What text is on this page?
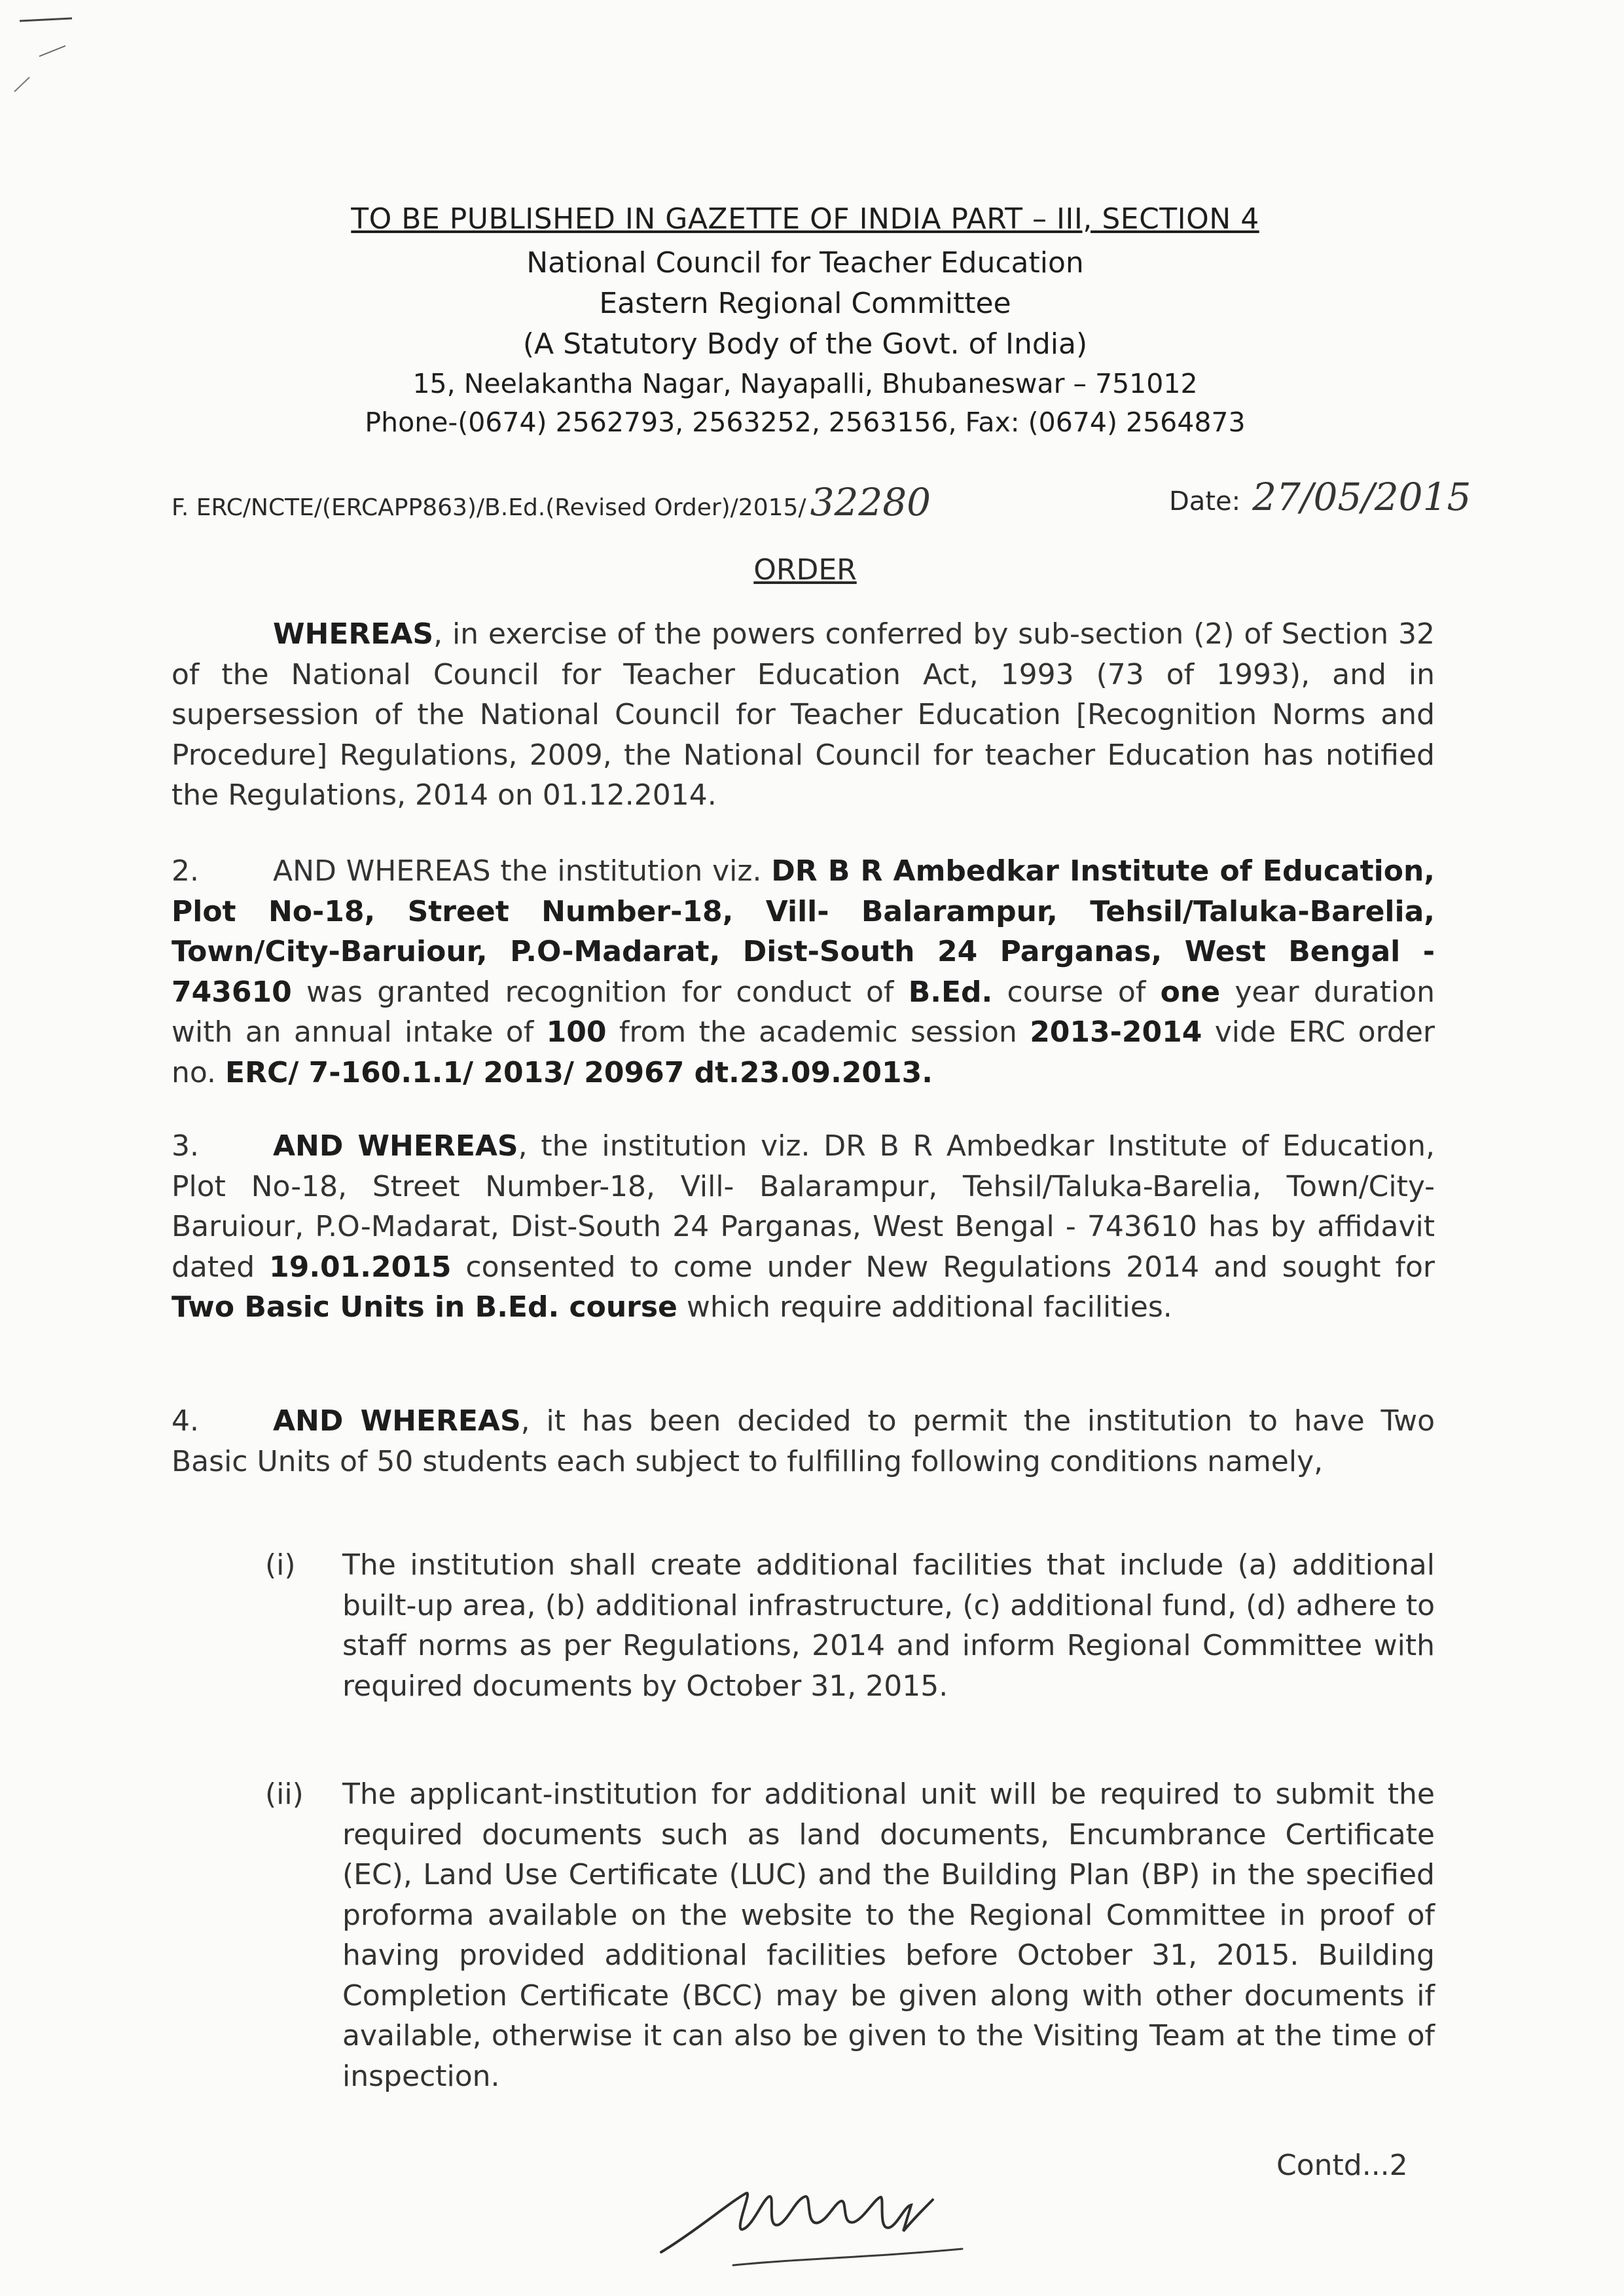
TO BE PUBLISHED IN GAZETTE OF INDIA PART – III, SECTION 4
National Council for Teacher Education
Eastern Regional Committee
(A Statutory Body of the Govt. of India)
15, Neelakantha Nagar, Nayapalli, Bhubaneswar – 751012
Phone-(0674) 2562793, 2563252, 2563156, Fax: (0674) 2564873
F. ERC/NCTE/(ERCAPP863)/B.Ed.(Revised Order)/2015/ 32280	Date: 27/05/2015
ORDER
WHEREAS, in exercise of the powers conferred by sub-section (2) of Section 32 of the National Council for Teacher Education Act, 1993 (73 of 1993), and in supersession of the National Council for Teacher Education [Recognition Norms and Procedure] Regulations, 2009, the National Council for teacher Education has notified the Regulations, 2014 on 01.12.2014.
2.	AND WHEREAS the institution viz. DR B R Ambedkar Institute of Education, Plot No-18, Street Number-18, Vill- Balarampur, Tehsil/Taluka-Barelia, Town/City-Baruiour, P.O-Madarat, Dist-South 24 Parganas, West Bengal - 743610 was granted recognition for conduct of B.Ed. course of one year duration with an annual intake of 100 from the academic session 2013-2014 vide ERC order no. ERC/ 7-160.1.1/ 2013/ 20967 dt.23.09.2013.
3.	AND WHEREAS, the institution viz. DR B R Ambedkar Institute of Education, Plot No-18, Street Number-18, Vill- Balarampur, Tehsil/Taluka-Barelia, Town/City-Baruiour, P.O-Madarat, Dist-South 24 Parganas, West Bengal - 743610 has by affidavit dated 19.01.2015 consented to come under New Regulations 2014 and sought for Two Basic Units in B.Ed. course which require additional facilities.
4.	AND WHEREAS, it has been decided to permit the institution to have Two Basic Units of 50 students each subject to fulfilling following conditions namely,
(i)	The institution shall create additional facilities that include (a) additional built-up area, (b) additional infrastructure, (c) additional fund, (d) adhere to staff norms as per Regulations, 2014 and inform Regional Committee with required documents by October 31, 2015.
(ii)	The applicant-institution for additional unit will be required to submit the required documents such as land documents, Encumbrance Certificate (EC), Land Use Certificate (LUC) and the Building Plan (BP) in the specified proforma available on the website to the Regional Committee in proof of having provided additional facilities before October 31, 2015. Building Completion Certificate (BCC) may be given along with other documents if available, otherwise it can also be given to the Visiting Team at the time of inspection.
Contd...2
